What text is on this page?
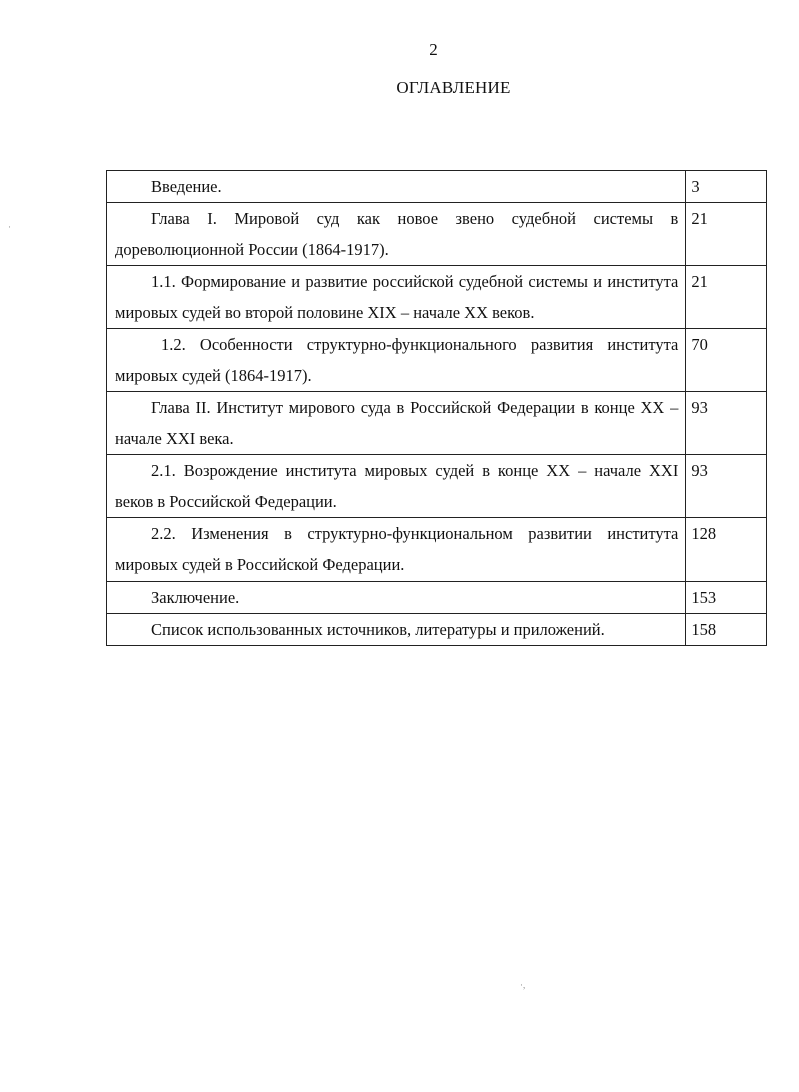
2
ОГЛАВЛЕНИЕ
Введение.	3
Глава I. Мировой суд как новое звено судебной системы в дореволюционной России (1864-1917).	21
1.1. Формирование и развитие российской судебной системы и института мировых судей во второй половине XIX – начале XX веков.	21
1.2. Особенности структурно-функционального развития института мировых судей (1864-1917).	70
Глава II. Институт мирового суда в Российской Федерации в конце XX – начале XXI века.	93
2.1. Возрождение института мировых судей в конце XX – начале XXI веков в Российской Федерации.	93
2.2. Изменения в структурно-функциональном развитии института мировых судей в Российской Федерации.	128
Заключение.	153
Список использованных источников, литературы и приложений.	158
·
·,
